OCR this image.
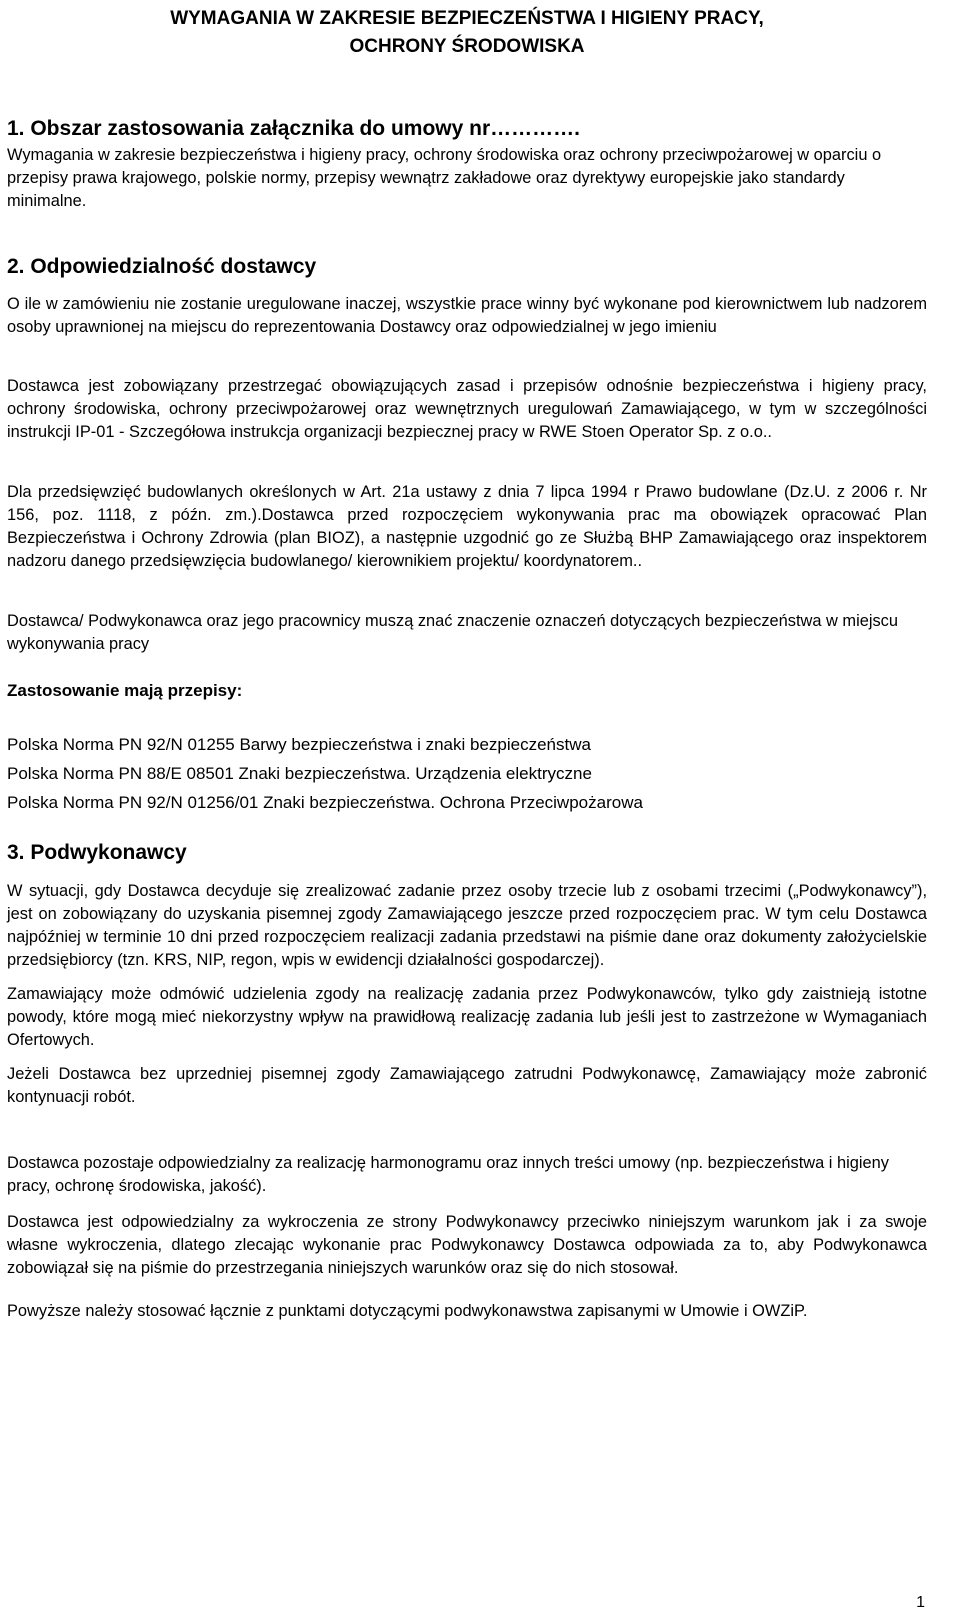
WYMAGANIA W ZAKRESIE BEZPIECZEŃSTWA I HIGIENY PRACY,
OCHRONY ŚRODOWISKA
1. Obszar zastosowania załącznika do umowy nr………….

Wymagania w zakresie bezpieczeństwa i higieny pracy, ochrony środowiska oraz ochrony przeciwpożarowej w oparciu o przepisy prawa krajowego, polskie normy, przepisy wewnątrz zakładowe oraz dyrektywy europejskie jako standardy minimalne.

2. Odpowiedzialność dostawcy

O ile w zamówieniu nie zostanie uregulowane inaczej, wszystkie prace winny być wykonane pod kierownictwem lub nadzorem osoby uprawnionej na miejscu do reprezentowania Dostawcy oraz odpowiedzialnej w jego imieniu

Dostawca jest zobowiązany przestrzegać obowiązujących zasad i przepisów odnośnie bezpieczeństwa i higieny pracy, ochrony środowiska, ochrony przeciwpożarowej oraz wewnętrznych uregulowań Zamawiającego, w tym w szczególności instrukcji IP-01 - Szczegółowa instrukcja organizacji bezpiecznej pracy w RWE Stoen Operator Sp. z o.o..

Dla przedsięwzięć budowlanych określonych w Art. 21a ustawy z dnia 7 lipca 1994 r Prawo budowlane (Dz.U. z 2006 r. Nr 156, poz. 1118, z późn. zm.).Dostawca przed rozpoczęciem wykonywania prac ma obowiązek opracować Plan Bezpieczeństwa i Ochrony Zdrowia (plan BIOZ), a następnie uzgodnić go ze Służbą BHP Zamawiającego oraz inspektorem nadzoru danego przedsięwzięcia budowlanego/ kierownikiem projektu/ koordynatorem..

Dostawca/ Podwykonawca oraz jego pracownicy muszą znać znaczenie oznaczeń dotyczących bezpieczeństwa w miejscu wykonywania pracy

Zastosowanie mają przepisy:
Polska Norma PN 92/N 01255 Barwy bezpieczeństwa i znaki bezpieczeństwa
Polska Norma PN 88/E 08501 Znaki bezpieczeństwa. Urządzenia elektryczne
Polska Norma PN 92/N 01256/01 Znaki bezpieczeństwa. Ochrona Przeciwpożarowa
3. Podwykonawcy

W sytuacji, gdy Dostawca decyduje się zrealizować zadanie przez osoby trzecie lub z osobami trzecimi („Podwykonawcy”), jest on zobowiązany do uzyskania pisemnej zgody Zamawiającego jeszcze przed rozpoczęciem prac. W tym celu Dostawca najpóźniej w terminie 10 dni przed rozpoczęciem realizacji zadania przedstawi na piśmie dane oraz dokumenty założycielskie przedsiębiorcy (tzn. KRS, NIP, regon, wpis w ewidencji działalności gospodarczej).

Zamawiający może odmówić udzielenia zgody na realizację zadania przez Podwykonawców, tylko gdy zaistnieją istotne powody, które mogą mieć niekorzystny wpływ na prawidłową realizację zadania lub jeśli jest to zastrzeżone w Wymaganiach Ofertowych.

Jeżeli Dostawca bez uprzedniej pisemnej zgody Zamawiającego zatrudni Podwykonawcę, Zamawiający może zabronić kontynuacji robót.

Dostawca pozostaje odpowiedzialny za realizację harmonogramu oraz innych treści umowy (np. bezpieczeństwa i higieny pracy, ochronę środowiska, jakość).

Dostawca jest odpowiedzialny za wykroczenia ze strony Podwykonawcy przeciwko niniejszym warunkom jak i za swoje własne wykroczenia, dlatego zlecając wykonanie prac Podwykonawcy Dostawca odpowiada za to, aby Podwykonawca zobowiązał się na piśmie do przestrzegania niniejszych warunków oraz się do nich stosował.

Powyższe należy stosować łącznie z punktami dotyczącymi podwykonawstwa zapisanymi w Umowie i OWZiP.

1
